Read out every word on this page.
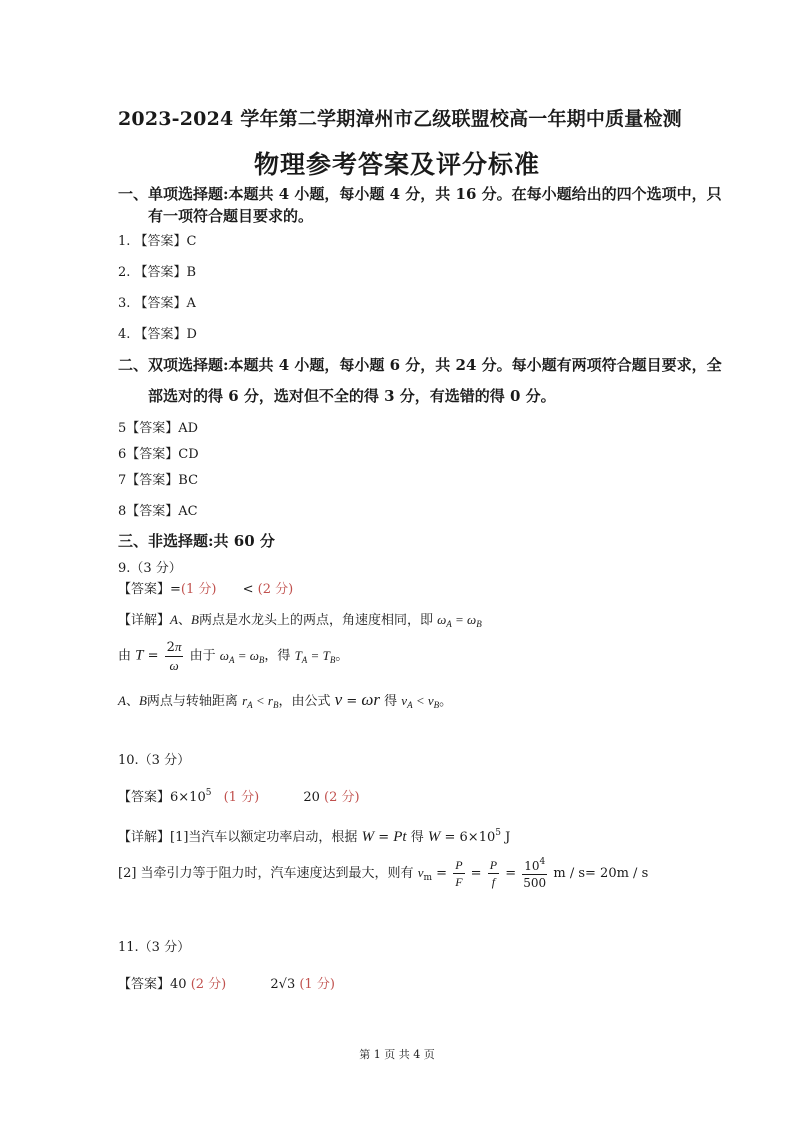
2023-2024 学年第二学期漳州市乙级联盟校高一年期中质量检测
物理参考答案及评分标准
一、单项选择题:本题共 4 小题，每小题 4 分，共 16 分。在每小题给出的四个选项中，只
有一项符合题目要求的。
1. 【答案】C
2. 【答案】B
3. 【答案】A
4. 【答案】D
二、双项选择题:本题共 4 小题，每小题 6 分，共 24 分。每小题有两项符合题目要求，全
部选对的得 6 分，选对但不全的得 3 分，有选错的得 0 分。
5【答案】AD
6【答案】CD
7【答案】BC
8【答案】AC
三、非选择题:共 60 分
9.（3 分）
【答案】=(1 分) < (2 分)
【详解】A、B两点是水龙头上的两点，角速度相同，即 $\omega_A = \omega_B$
由 $T = \frac{2\pi}{\omega}$ 由于 $\omega_A = \omega_B$，得 $T_A = T_B$。
A、B两点与转轴距离 $r_A < r_B$，由公式 v = ωr 得 $v_A < v_B$。
10.（3 分）
【答案】$6\times 10^5$ (1 分)	20 (2 分)
【详解】[1]当汽车以额定功率启动，根据 W = Pt 得 $W = 6\times 10^5$ J
[2] 当牵引力等于阻力时，汽车速度达到最大，则有 $v_m = \frac{P}{F} = \frac{P}{f} = \frac{10^4}{500}$ m / s= 20m / s
11.（3 分）
【答案】40 (2 分)	2√3 (1 分)
第 1 页 共 4 页
